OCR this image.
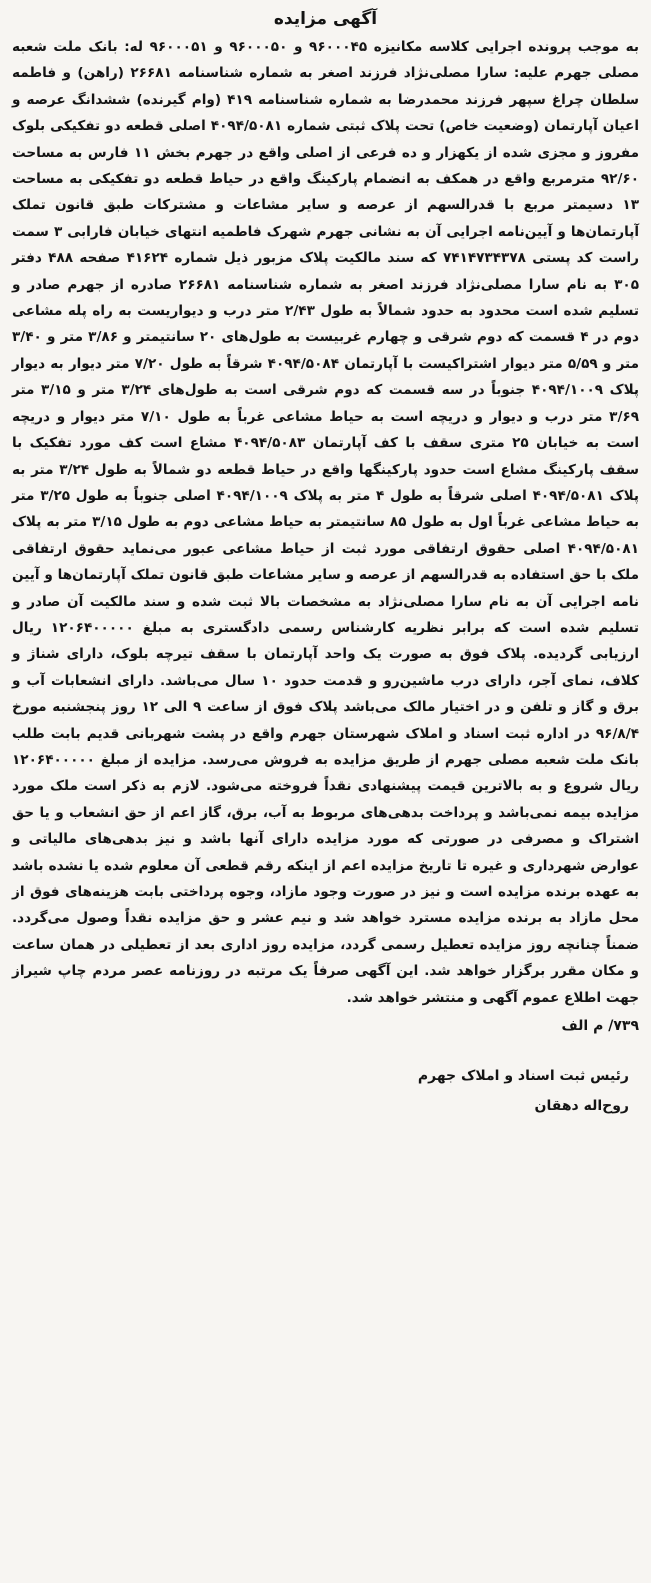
آگهی مزایده

به موجب پرونده اجرایی کلاسه مکانیزه ۹۶۰۰۰۴۵ و ۹۶۰۰۰۵۰ و ۹۶۰۰۰۵۱ له: بانک ملت شعبه مصلی جهرم علیه: سارا مصلی‌نژاد فرزند اصغر به شماره شناسنامه ۲۶۶۸۱ (راهن) و فاطمه سلطان چراغ سپهر فرزند محمدرضا به شماره شناسنامه ۴۱۹ (وام گیرنده) ششدانگ عرصه و اعیان آپارتمان (وضعیت خاص) تحت پلاک ثبتی شماره ۴۰۹۴/۵۰۸۱ اصلی قطعه دو تفکیکی بلوک مفروز و مجزی شده از یکهزار و ده فرعی از اصلی واقع در جهرم بخش ۱۱ فارس به مساحت ۹۲/۶۰ مترمربع واقع در همکف به انضمام پارکینگ واقع در حیاط قطعه دو تفکیکی به مساحت ۱۳ دسیمتر مربع با قدرالسهم از عرصه و سایر مشاعات و مشترکات طبق قانون تملک آپارتمان‌ها و آیین‌نامه اجرایی آن به نشانی جهرم شهرک فاطمیه انتهای خیابان فارابی ۳ سمت راست کد پستی ۷۴۱۴۷۳۴۳۷۸ که سند مالکیت پلاک مزبور ذیل شماره ۴۱۶۲۴ صفحه ۴۸۸ دفتر ۳۰۵ به نام سارا مصلی‌نژاد فرزند اصغر به شماره شناسنامه ۲۶۶۸۱ صادره از جهرم صادر و تسلیم شده است محدود به حدود شمالاً به طول ۲/۴۳ متر درب و دیواریست به راه پله مشاعی دوم در ۴ قسمت که دوم شرقی و چهارم غربیست به طول‌های ۲۰ سانتیمتر و ۳/۸۶ متر و ۳/۴۰ متر و ۵/۵۹ متر دیوار اشتراکیست با آپارتمان ۴۰۹۴/۵۰۸۴ شرقاً به طول ۷/۲۰ متر دیوار به دیوار پلاک ۴۰۹۴/۱۰۰۹ جنوباً در سه قسمت که دوم شرقی است به طول‌های ۳/۲۴ متر و ۳/۱۵ متر ۳/۶۹ متر درب و دیوار و دریچه است به حیاط مشاعی غرباً به طول ۷/۱۰ متر دیوار و دریچه است به خیابان ۲۵ متری سقف با کف آپارتمان ۴۰۹۴/۵۰۸۳ مشاع است کف مورد تفکیک با سقف پارکینگ مشاع است حدود پارکینگها واقع در حیاط قطعه دو شمالاً به طول ۳/۲۴ متر به پلاک ۴۰۹۴/۵۰۸۱ اصلی شرقاً به طول ۴ متر به پلاک ۴۰۹۴/۱۰۰۹ اصلی جنوباً به طول ۳/۲۵ متر به حیاط مشاعی غرباً اول به طول ۸۵ سانتیمتر به حیاط مشاعی دوم به طول ۳/۱۵ متر به پلاک ۴۰۹۴/۵۰۸۱ اصلی حقوق ارتفاقی مورد ثبت از حیاط مشاعی عبور می‌نماید حقوق ارتفاقی ملک با حق استفاده به قدرالسهم از عرصه و سایر مشاعات طبق قانون تملک آپارتمان‌ها و آیین نامه اجرایی آن به نام سارا مصلی‌نژاد به مشخصات بالا ثبت شده و سند مالکیت آن صادر و تسلیم شده است که برابر نظریه کارشناس رسمی دادگستری به مبلغ ۱۲۰۶۴۰۰۰۰۰ ریال ارزیابی گردیده. پلاک فوق به صورت یک واحد آپارتمان با سقف تیرچه بلوک، دارای شناژ و کلاف، نمای آجر، دارای درب ماشین‌رو و قدمت حدود ۱۰ سال می‌باشد. دارای انشعابات آب و برق و گاز و تلفن و در اختیار مالک می‌باشد پلاک فوق از ساعت ۹ الی ۱۲ روز پنجشنبه مورخ ۹۶/۸/۴ در اداره ثبت اسناد و املاک شهرستان جهرم واقع در پشت شهربانی قدیم بابت طلب بانک ملت شعبه مصلی جهرم از طریق مزایده به فروش می‌رسد. مزایده از مبلغ ۱۲۰۶۴۰۰۰۰۰ ریال شروع و به بالاترین قیمت پیشنهادی نقداً فروخته می‌شود. لازم به ذکر است ملک مورد مزایده بیمه نمی‌باشد و پرداخت بدهی‌های مربوط به آب، برق، گاز اعم از حق انشعاب و یا حق اشتراک و مصرفی در صورتی که مورد مزایده دارای آنها باشد و نیز بدهی‌های مالیاتی و عوارض شهرداری و غیره تا تاریخ مزایده اعم از اینکه رقم قطعی آن معلوم شده یا نشده باشد به عهده برنده مزایده است و نیز در صورت وجود مازاد، وجوه پرداختی بابت هزینه‌های فوق از محل مازاد به برنده مزایده مسترد خواهد شد و نیم عشر و حق مزایده نقداً وصول می‌گردد. ضمناً چنانچه روز مزایده تعطیل رسمی گردد، مزایده روز اداری بعد از تعطیلی در همان ساعت و مکان مقرر برگزار خواهد شد. این آگهی صرفاً یک مرتبه در روزنامه عصر مردم چاپ شیراز جهت اطلاع عموم آگهی و منتشر خواهد شد.

۷۳۹/ م الف
رئیس ثبت اسناد و املاک جهرم
روح‌اله دهقان
